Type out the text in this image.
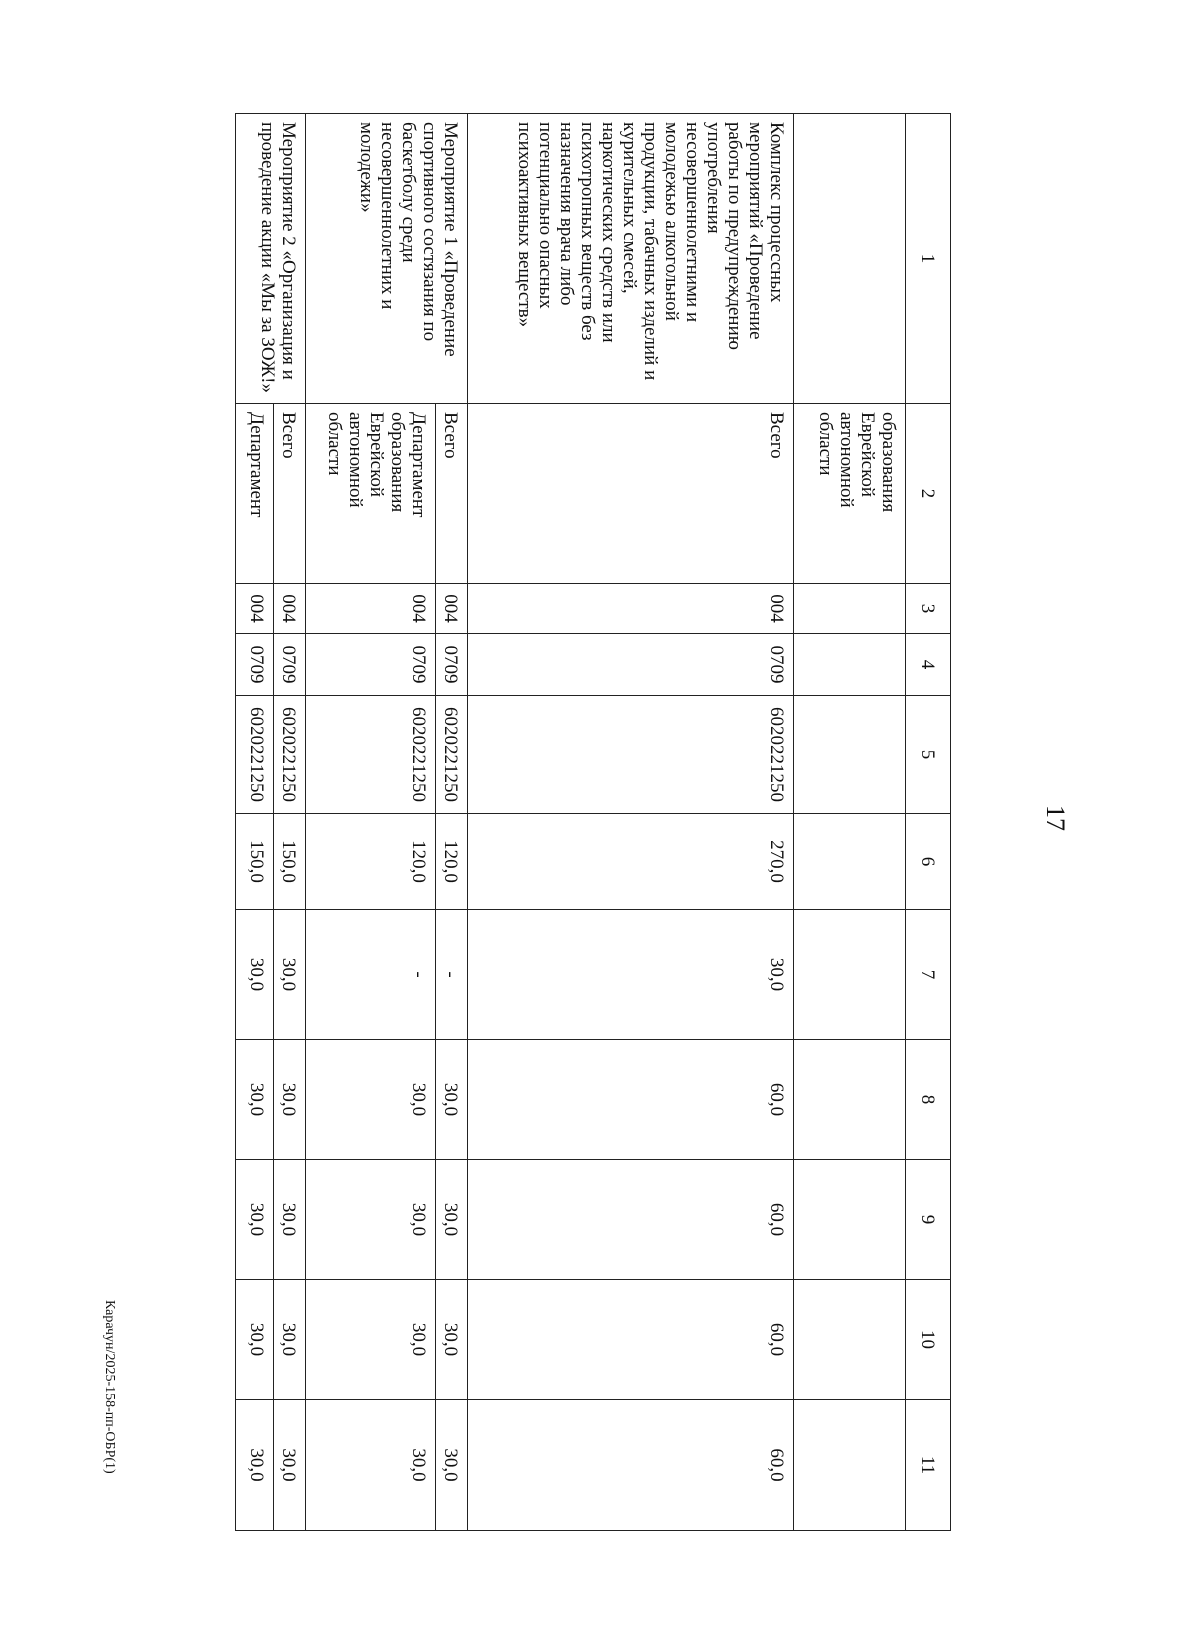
17
1	2	3	4	5	6	7	8	9	10	11
	образования Еврейской автономной области									
Комплекс процессных мероприятий «Проведение работы по предупреждению употребления несовершеннолетними и молодежью алкогольной продукции, табачных изделий и курительных смесей, наркотических средств или психотропных веществ без назначения врача либо потенциально опасных психоактивных веществ»	Всего	004	0709	6020221250	270,0	30,0	60,0	60,0	60,0	60,0
Мероприятие 1 «Проведение спортивного состязания по баскетболу среди несовершеннолетних и молодежи»	Всего	004	0709	6020221250	120,0	-	30,0	30,0	30,0	30,0
	Департамент образования Еврейской автономной области	004	0709	6020221250	120,0	-	30,0	30,0	30,0	30,0
Мероприятие 2 «Организация и проведение акции «Мы за ЗОЖ!»	Всего	004	0709	6020221250	150,0	30,0	30,0	30,0	30,0	30,0
	Департамент	004	0709	6020221250	150,0	30,0	30,0	30,0	30,0	30,0
Карачун/2025-158-пп-ОБР(1)
